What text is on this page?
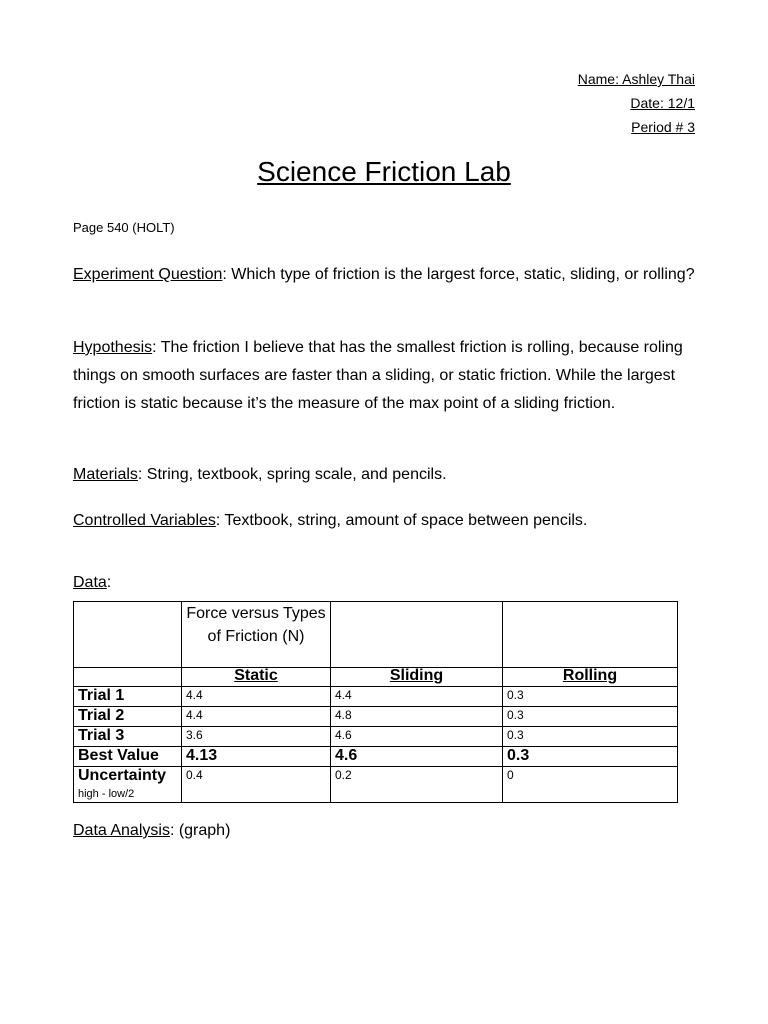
Name: Ashley Thai
Date: 12/1
Period # 3
Science Friction Lab
Page 540 (HOLT)
Experiment Question: Which type of friction is the largest force, static, sliding, or rolling?
Hypothesis: The friction I believe that has the smallest friction is rolling, because roling things on smooth surfaces are faster than a sliding, or static friction. While the largest friction is static because it’s the measure of the max point of a sliding friction.
Materials: String, textbook, spring scale, and pencils.
Controlled Variables: Textbook, string, amount of space between pencils.
Data:
	Force versus Types of Friction (N)		
	Static	Sliding	Rolling
Trial 1	4.4	4.4	0.3
Trial 2	4.4	4.8	0.3
Trial 3	3.6	4.6	0.3
Best Value	4.13	4.6	0.3
Uncertainty
high - low/2	0.4	0.2	0
Data Analysis: (graph)
